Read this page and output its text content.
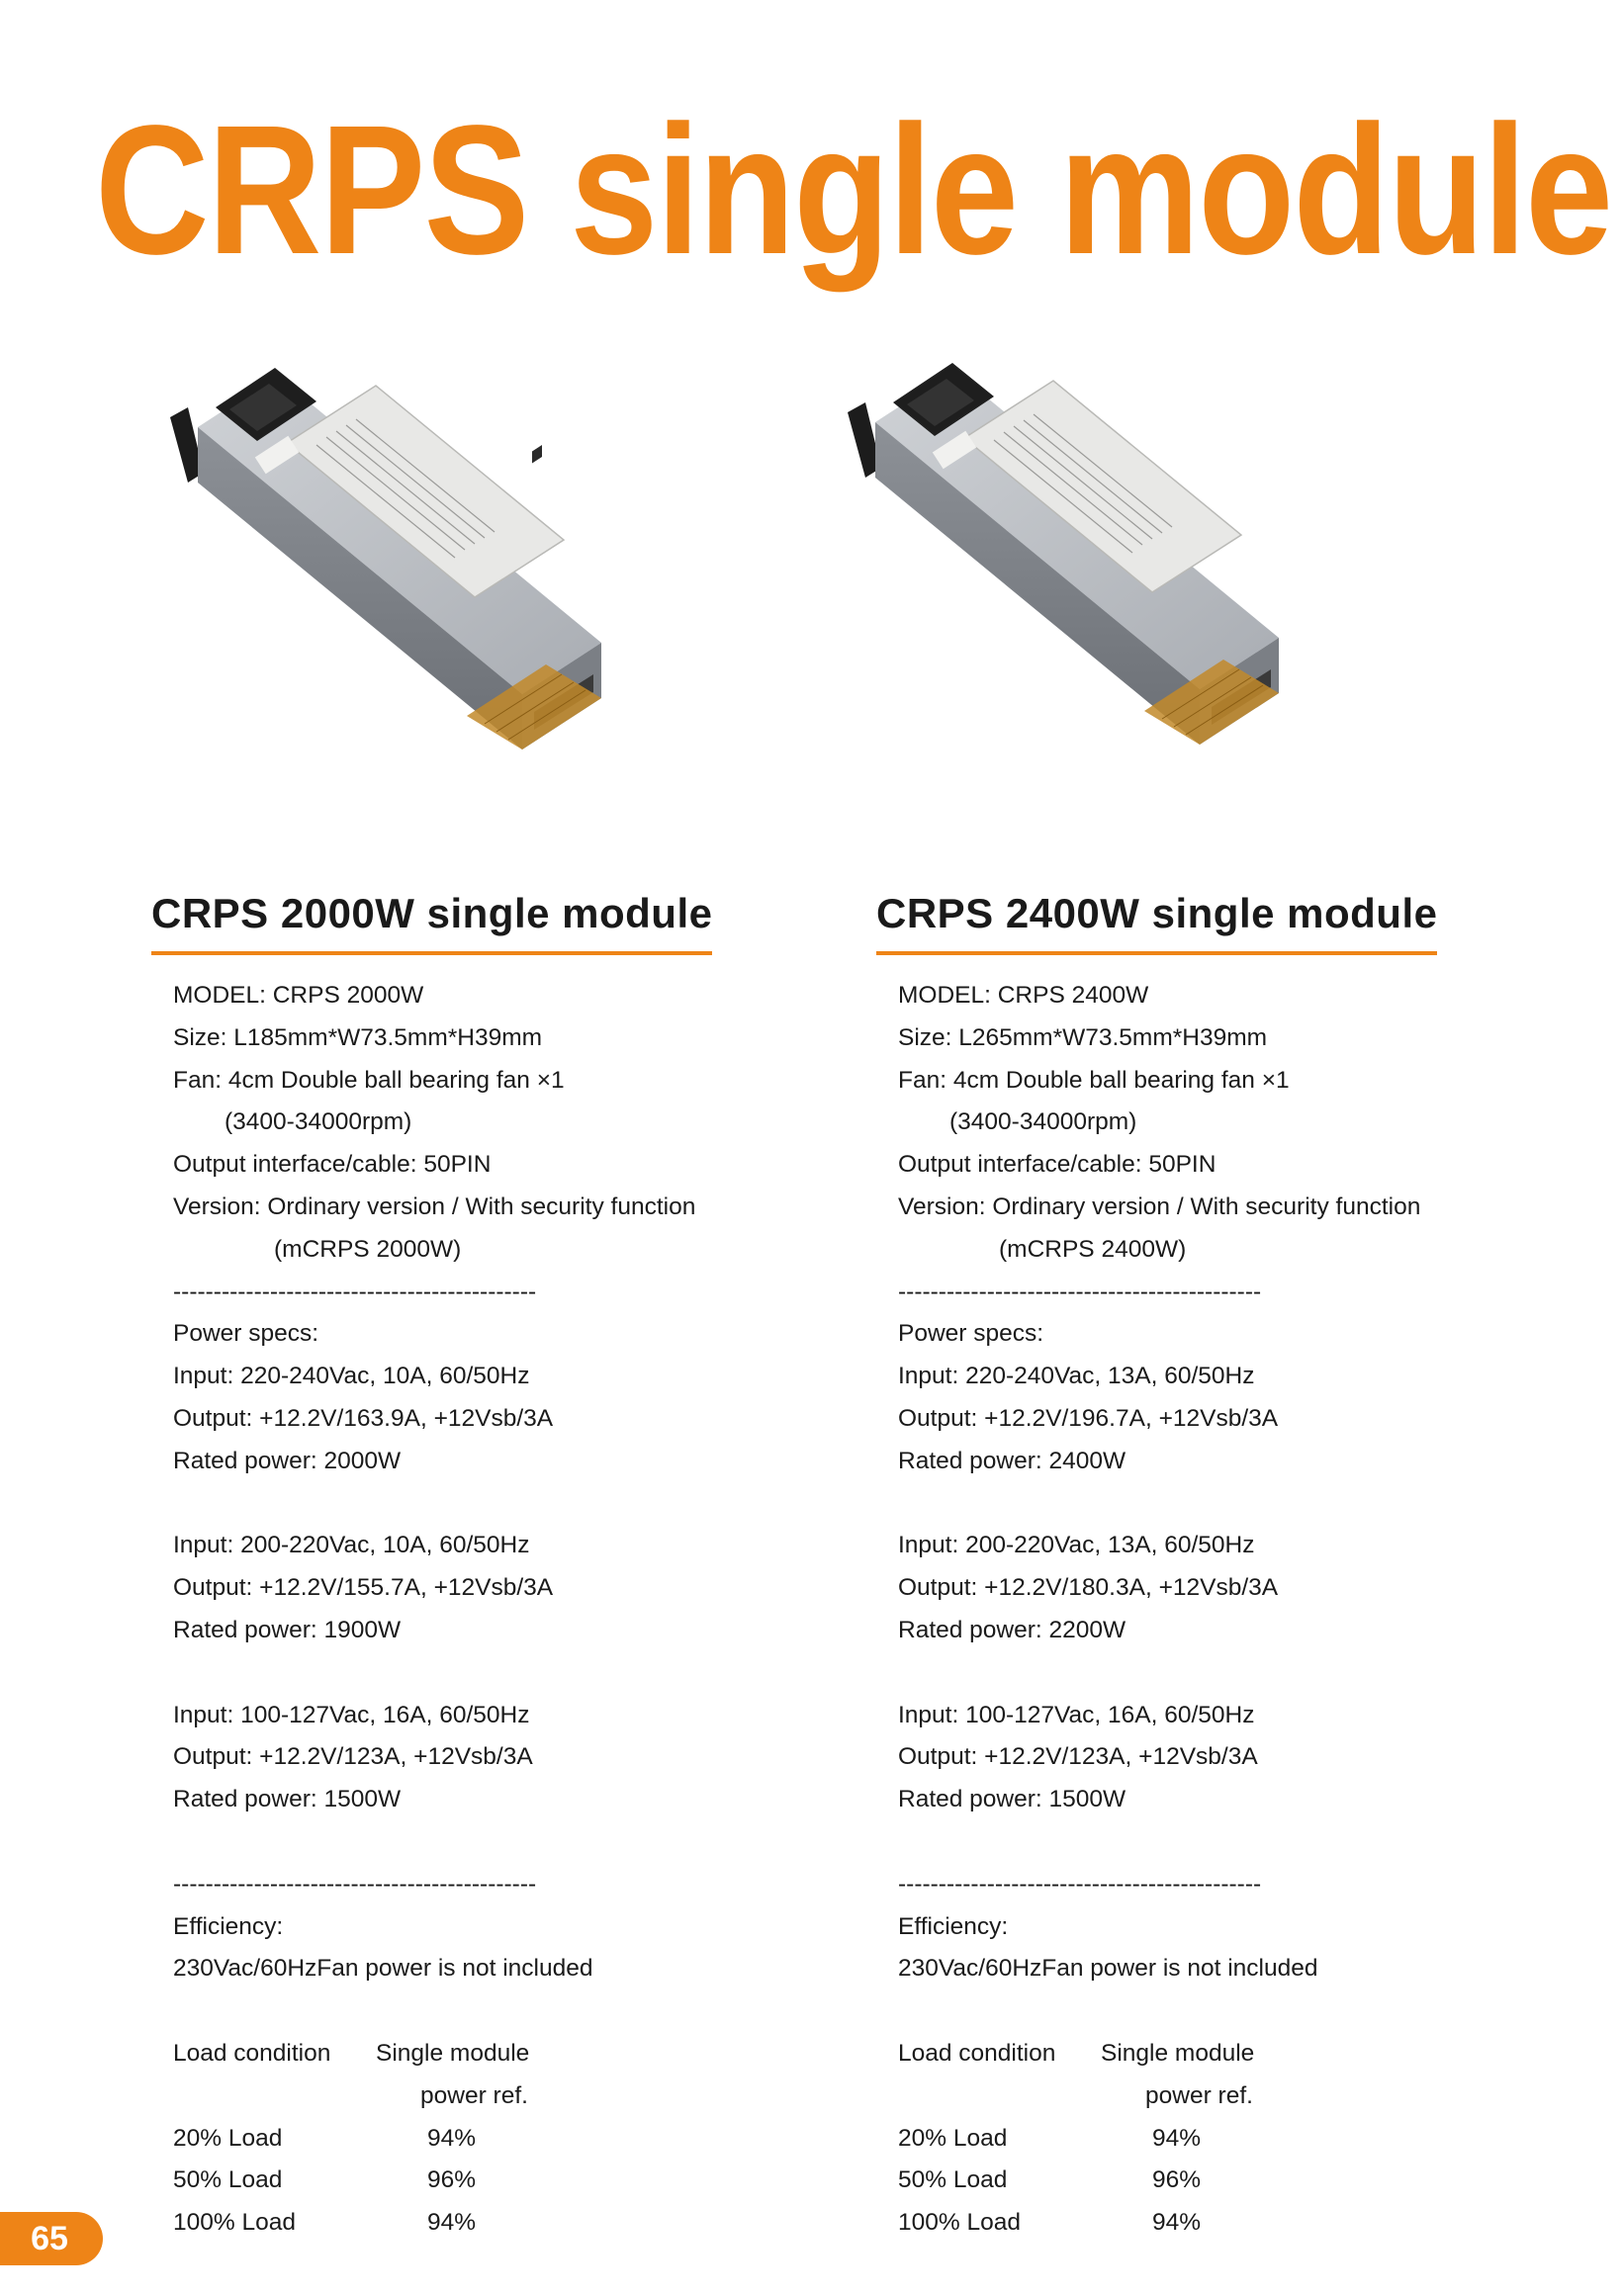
CRPS single module
CRPS 2000W single module
MODEL: CRPS 2000W
Size: L185mm*W73.5mm*H39mm
Fan: 4cm Double ball bearing fan ×1
(3400-34000rpm)
Output interface/cable: 50PIN
Version: Ordinary version / With security function
(mCRPS 2000W)
---------------------------------------------
Power specs:
Input: 220-240Vac, 10A, 60/50Hz
Output: +12.2V/163.9A, +12Vsb/3A
Rated power: 2000W
Input: 200-220Vac, 10A, 60/50Hz
Output: +12.2V/155.7A, +12Vsb/3A
Rated power: 1900W
Input: 100-127Vac, 16A, 60/50Hz
Output: +12.2V/123A, +12Vsb/3A
Rated power: 1500W
---------------------------------------------
Efficiency:
230Vac/60HzFan power is not included
Load condition	Single module
power ref.
20% Load	94%
50% Load	96%
100% Load	94%
CRPS 2400W single module
MODEL: CRPS 2400W
Size: L265mm*W73.5mm*H39mm
Fan: 4cm Double ball bearing fan ×1
(3400-34000rpm)
Output interface/cable: 50PIN
Version: Ordinary version / With security function
(mCRPS 2400W)
---------------------------------------------
Power specs:
Input: 220-240Vac, 13A, 60/50Hz
Output: +12.2V/196.7A, +12Vsb/3A
Rated power: 2400W
Input: 200-220Vac, 13A, 60/50Hz
Output: +12.2V/180.3A, +12Vsb/3A
Rated power: 2200W
Input: 100-127Vac, 16A, 60/50Hz
Output: +12.2V/123A, +12Vsb/3A
Rated power: 1500W
---------------------------------------------
Efficiency:
230Vac/60HzFan power is not included
Load condition	Single module
power ref.
20% Load	94%
50% Load	96%
100% Load	94%
65
